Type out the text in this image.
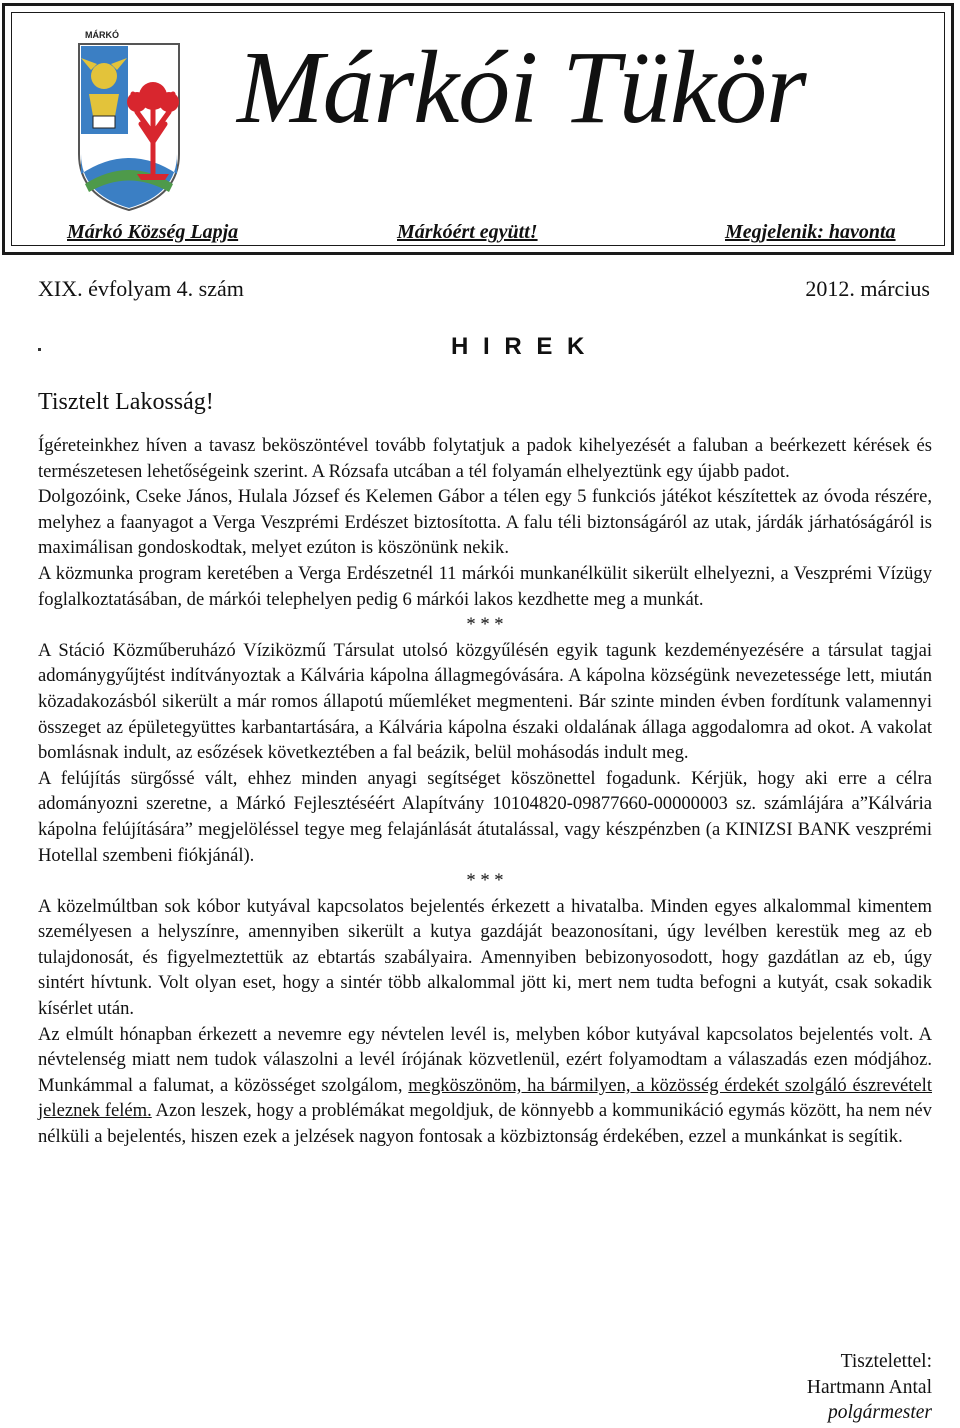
MÁRKÓ Márkói Tükör
Márkó Község Lapja	Márkóért együtt!	Megjelenik: havonta
XIX. évfolyam 4. szám	2012. március
H I R E K
Tisztelt Lakosság!

Ígéreteinkhez híven a tavasz beköszöntével tovább folytatjuk a padok kihelyezését a faluban a beérkezett kérések és természetesen lehetőségeink szerint. A Rózsafa utcában a tél folyamán elhelyeztünk egy újabb padot.

Dolgozóink, Cseke János, Hulala József és Kelemen Gábor a télen egy 5 funkciós játékot készítettek az óvoda részére, melyhez a faanyagot a Verga Veszprémi Erdészet biztosította. A falu téli biztonságáról az utak, járdák járhatóságáról is maximálisan gondoskodtak, melyet ezúton is köszönünk nekik.

A közmunka program keretében a Verga Erdészetnél 11 márkói munkanélkülit sikerült elhelyezni, a Veszprémi Vízügy foglalkoztatásában, de márkói telephelyen pedig 6 márkói lakos kezdhette meg a munkát.

* * *

A Stáció Közműberuházó Víziközmű Társulat utolsó közgyűlésén egyik tagunk kezdeményezésére a társulat tagjai adománygyűjtést indítványoztak a Kálvária kápolna állagmegóvására. A kápolna községünk nevezetessége lett, miután közadakozásból sikerült a már romos állapotú műemléket megmenteni. Bár szinte minden évben fordítunk valamennyi összeget az épületegyüttes karbantartására, a Kálvária kápolna északi oldalának állaga aggodalomra ad okot. A vakolat bomlásnak indult, az esőzések következtében a fal beázik, belül mohásodás indult meg.

A felújítás sürgőssé vált, ehhez minden anyagi segítséget köszönettel fogadunk. Kérjük, hogy aki erre a célra adományozni szeretne, a Márkó Fejlesztéséért Alapítvány 10104820-09877660-00000003 sz. számlájára a”Kálvária kápolna felújítására” megjelöléssel tegye meg felajánlását átutalással, vagy készpénzben (a KINIZSI BANK veszprémi Hotellal szembeni fiókjánál).

* * *

A közelmúltban sok kóbor kutyával kapcsolatos bejelentés érkezett a hivatalba. Minden egyes alkalommal kimentem személyesen a helyszínre, amennyiben sikerült a kutya gazdáját beazonosítani, úgy levélben kerestük meg az eb tulajdonosát, és figyelmeztettük az ebtartás szabályaira. Amennyiben bebizonyosodott, hogy gazdátlan az eb, úgy sintért hívtunk. Volt olyan eset, hogy a sintér több alkalommal jött ki, mert nem tudta befogni a kutyát, csak sokadik kísérlet után.

Az elmúlt hónapban érkezett a nevemre egy névtelen levél is, melyben kóbor kutyával kapcsolatos bejelentés volt. A névtelenség miatt nem tudok válaszolni a levél írójának közvetlenül, ezért folyamodtam a válaszadás ezen módjához. Munkámmal a falumat, a közösséget szolgálom, megköszönöm, ha bármilyen, a közösség érdekét szolgáló észrevételt jeleznek felém. Azon leszek, hogy a problémákat megoldjuk, de könnyebb a kommunikáció egymás között, ha nem név nélküli a bejelentés, hiszen ezek a jelzések nagyon fontosak a közbiztonság érdekében, ezzel a munkánkat is segítik.

Tisztelettel:
Hartmann Antal
polgármester
